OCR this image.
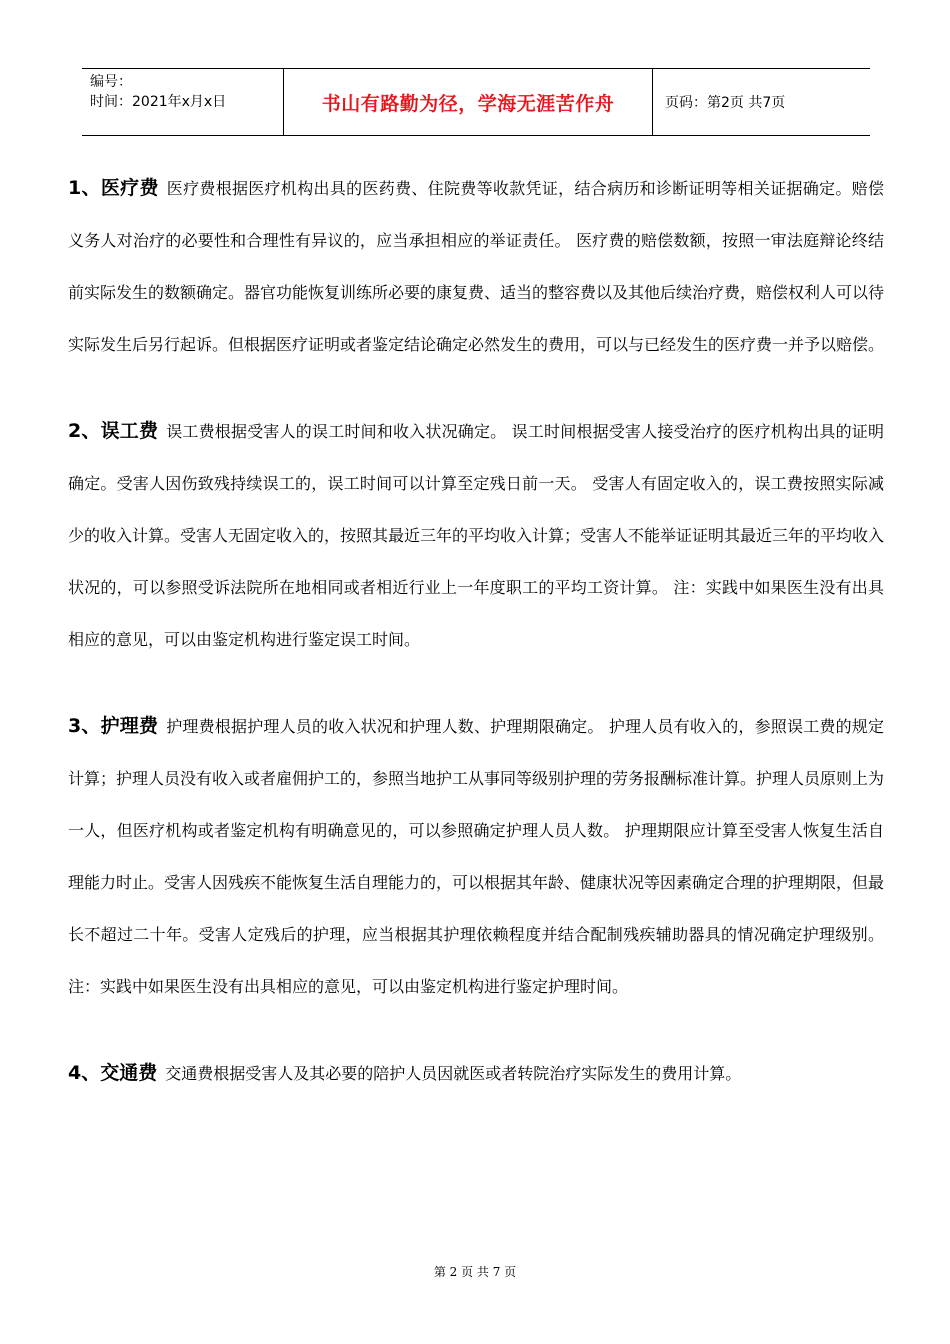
编号：
时间：2021年x月x日	书山有路勤为径，学海无涯苦作舟	页码：第2页 共7页

1、医疗费 医疗费根据医疗机构出具的医药费、住院费等收款凭证，结合病历和诊断证明等相关证据确定。赔偿义务人对治疗的必要性和合理性有异议的，应当承担相应的举证责任。 医疗费的赔偿数额，按照一审法庭辩论终结前实际发生的数额确定。器官功能恢复训练所必要的康复费、适当的整容费以及其他后续治疗费，赔偿权利人可以待实际发生后另行起诉。但根据医疗证明或者鉴定结论确定必然发生的费用，可以与已经发生的医疗费一并予以赔偿。

2、误工费 误工费根据受害人的误工时间和收入状况确定。 误工时间根据受害人接受治疗的医疗机构出具的证明确定。受害人因伤致残持续误工的，误工时间可以计算至定残日前一天。 受害人有固定收入的，误工费按照实际减少的收入计算。受害人无固定收入的，按照其最近三年的平均收入计算；受害人不能举证证明其最近三年的平均收入状况的，可以参照受诉法院所在地相同或者相近行业上一年度职工的平均工资计算。 注：实践中如果医生没有出具相应的意见，可以由鉴定机构进行鉴定误工时间。

3、护理费 护理费根据护理人员的收入状况和护理人数、护理期限确定。 护理人员有收入的，参照误工费的规定计算；护理人员没有收入或者雇佣护工的，参照当地护工从事同等级别护理的劳务报酬标准计算。护理人员原则上为一人，但医疗机构或者鉴定机构有明确意见的，可以参照确定护理人员人数。 护理期限应计算至受害人恢复生活自理能力时止。受害人因残疾不能恢复生活自理能力的，可以根据其年龄、健康状况等因素确定合理的护理期限，但最长不超过二十年。受害人定残后的护理，应当根据其护理依赖程度并结合配制残疾辅助器具的情况确定护理级别。 注：实践中如果医生没有出具相应的意见，可以由鉴定机构进行鉴定护理时间。

4、交通费 交通费根据受害人及其必要的陪护人员因就医或者转院治疗实际发生的费用计算。

第 2 页 共 7 页
